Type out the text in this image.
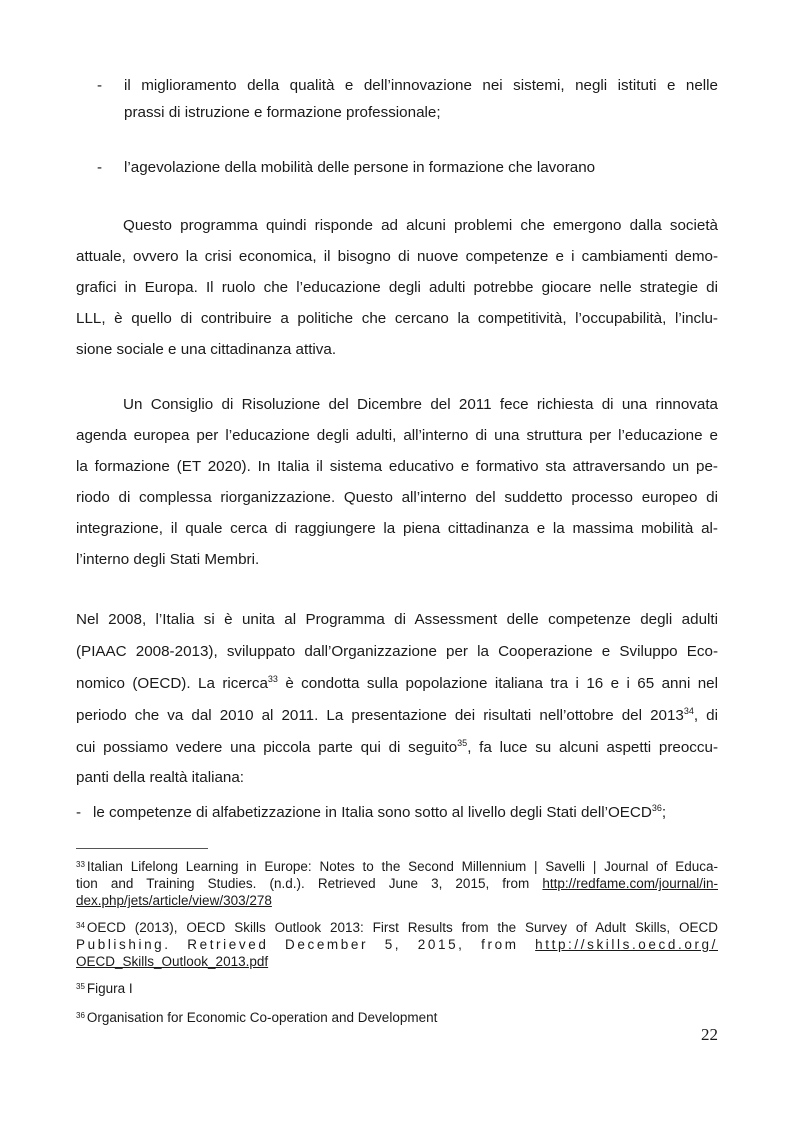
- il miglioramento della qualità e dell’innovazione nei sistemi, negli istituti e nelle
prassi di istruzione e formazione professionale;
- l’agevolazione della mobilità delle persone in formazione che lavorano
Questo programma quindi risponde ad alcuni problemi che emergono dalla società
attuale, ovvero la crisi economica, il bisogno di nuove competenze e i cambiamenti demo-
grafici in Europa. Il ruolo che l’educazione degli adulti potrebbe giocare nelle strategie di
LLL, è quello di contribuire a politiche che cercano la competitività, l’occupabilità, l’inclu-
sione sociale e una cittadinanza attiva.
Un Consiglio di Risoluzione del Dicembre del 2011 fece richiesta di una rinnovata
agenda europea per l’educazione degli adulti, all’interno di una struttura per l’educazione e
la formazione (ET 2020). In Italia il sistema educativo e formativo sta attraversando un pe-
riodo di complessa riorganizzazione. Questo all’interno del suddetto processo europeo di
integrazione, il quale cerca di raggiungere la piena cittadinanza e la massima mobilità al-
l’interno degli Stati Membri.
Nel 2008, l’Italia si è unita al Programma di Assessment delle competenze degli adulti
(PIAAC 2008-2013), sviluppato dall’Organizzazione per la Cooperazione e Sviluppo Eco-
nomico (OECD). La ricerca$^{33}$ è condotta sulla popolazione italiana tra i 16 e i 65 anni nel
periodo che va dal 2010 al 2011. La presentazione dei risultati nell’ottobre del 2013$^{34}$, di
cui possiamo vedere una piccola parte qui di seguito$^{35}$, fa luce su alcuni aspetti preoccu-
panti della realtà italiana:
- le competenze di alfabetizzazione in Italia sono sotto al livello degli Stati dell’OECD$^{36}$;
$^{33}$ Italian Lifelong Learning in Europe: Notes to the Second Millennium | Savelli | Journal of Educa-
tion and Training Studies. (n.d.). Retrieved June 3, 2015, from http://redfame.com/journal/in-
dex.php/jets/article/view/303/278
$^{34}$ OECD (2013), OECD Skills Outlook 2013: First Results from the Survey of Adult Skills, OECD
Publishing. Retrieved December 5, 2015, from http://skills.oecd.org/
OECD_Skills_Outlook_2013.pdf
$^{35}$ Figura I
$^{36}$ Organisation for Economic Co-operation and Development
22
